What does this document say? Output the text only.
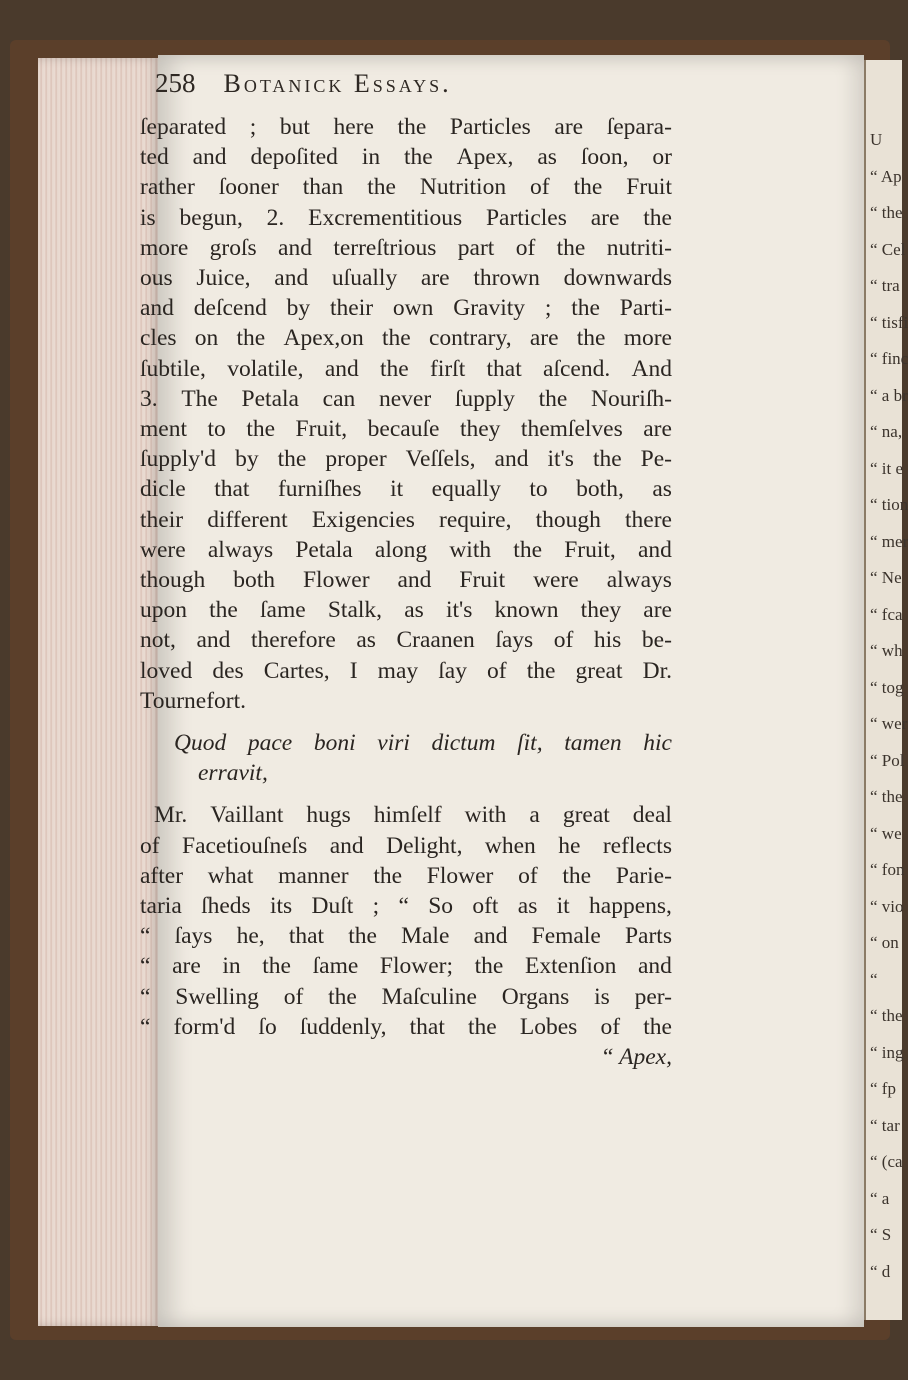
U
“ Ap
“ the
“ Cel
“ tra
“ tisfi
“ finc
“ a br
“ na,
“ it e
“ tion
“ mer
“ Ne
“ fca
“ wh
“ tog
“ wer
“ Pol
“ the
“ we
“ fon
“ vio
“ on
“
“ the
“ ing
“ fp
“ tar
“ (ca
“ a
“ S
“ d
258 Botanick Essays.
ſeparated ; but here the Particles are ſepara-
ted and depoſited in the Apex, as ſoon, or
rather ſooner than the Nutrition of the Fruit
is begun, 2. Excrementitious Particles are the
more groſs and terreſtrious part of the nutriti-
ous Juice, and uſually are thrown downwards
and deſcend by their own Gravity ; the Parti-
cles on the Apex,on the contrary, are the more
ſubtile, volatile, and the firſt that aſcend. And
3. The Petala can never ſupply the Nouriſh-
ment to the Fruit, becauſe they themſelves are
ſupply'd by the proper Veſſels, and it's the Pe-
dicle that furniſhes it equally to both, as
their different Exigencies require, though there
were always Petala along with the Fruit, and
though both Flower and Fruit were always
upon the ſame Stalk, as it's known they are
not, and therefore as Craanen ſays of his be-
loved des Cartes, I may ſay of the great Dr.
Tournefort.
Quod pace boni viri dictum ſit, tamen hic
erravit,
Mr. Vaillant hugs himſelf with a great deal
of Facetiouſneſs and Delight, when he reflects
after what manner the Flower of the Parie-
taria ſheds its Duſt ; “ So oft as it happens,
“ ſays he, that the Male and Female Parts
“ are in the ſame Flower; the Extenſion and
“ Swelling of the Maſculine Organs is per-
“ form'd ſo ſuddenly, that the Lobes of the
“ Apex,
